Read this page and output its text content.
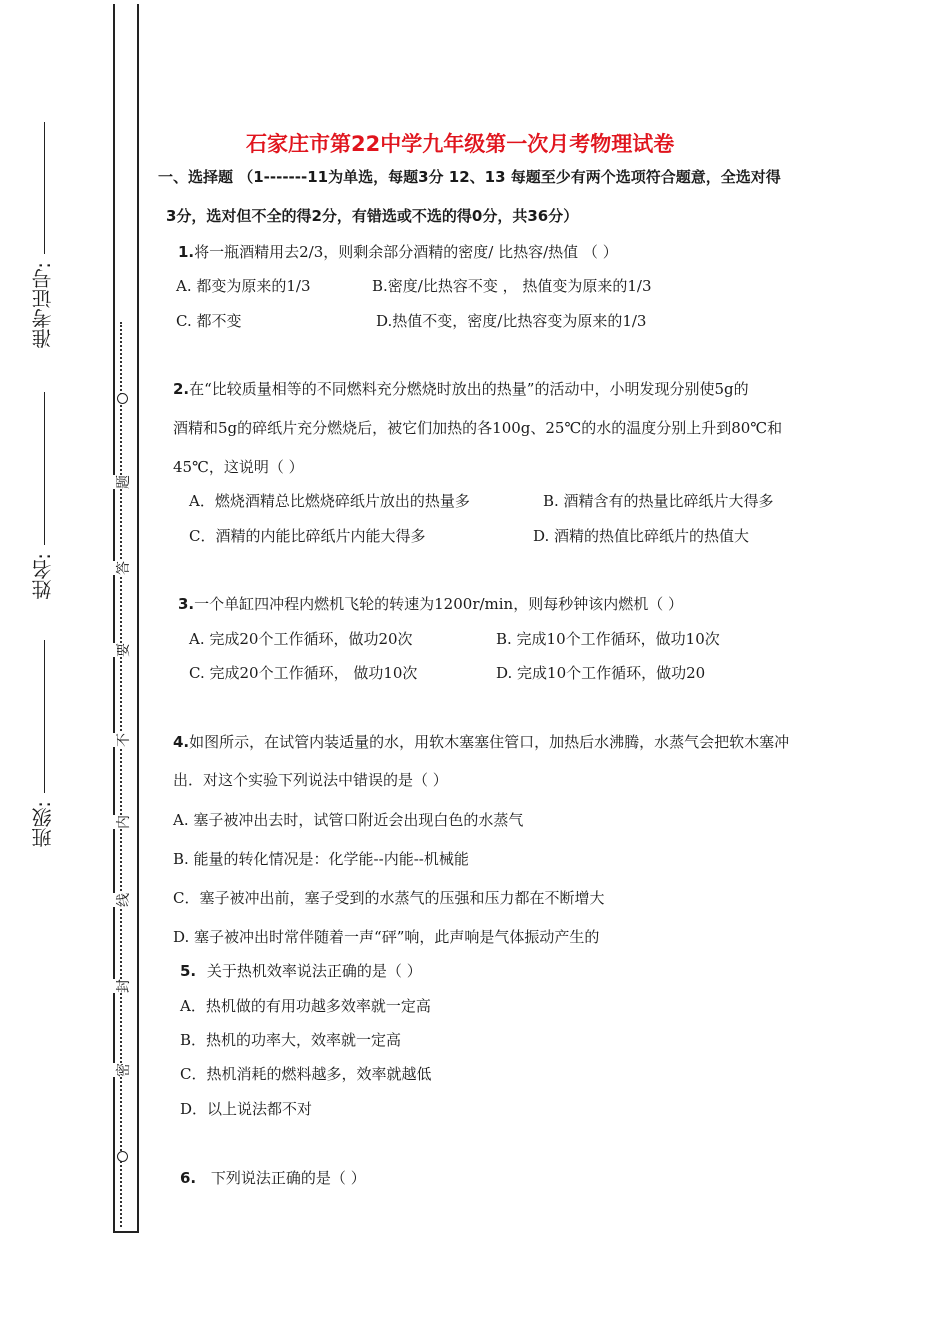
题
答
要
不
内
线
封
密
准考证号:
姓名:
班级:
石家庄市第22中学九年级第一次月考物理试卷
一、选择题 （1-------11为单选，每题3分 12、13 每题至少有两个选项符合题意，全选对得
3分，选对但不全的得2分，有错选或不选的得0分，共36分）
1.将一瓶酒精用去2/3，则剩余部分酒精的密度/ 比热容/热值 （ ）
A. 都变为原来的1/3	B.密度/比热容不变 ， 热值变为原来的1/3
C. 都不变	D.热值不变，密度/比热容变为原来的1/3
2.在“比较质量相等的不同燃料充分燃烧时放出的热量”的活动中，小明发现分别使5g的
酒精和5g的碎纸片充分燃烧后，被它们加热的各100g、25℃的水的温度分别上升到80℃和
45℃，这说明（ ）
A．燃烧酒精总比燃烧碎纸片放出的热量多	B. 酒精含有的热量比碎纸片大得多
C．酒精的内能比碎纸片内能大得多	D. 酒精的热值比碎纸片的热值大
3.一个单缸四冲程内燃机飞轮的转速为1200r/min，则每秒钟该内燃机（ ）
A. 完成20个工作循环，做功20次	B. 完成10个工作循环，做功10次
C. 完成20个工作循环， 做功10次	D. 完成10个工作循环，做功20
4.如图所示，在试管内装适量的水，用软木塞塞住管口，加热后水沸腾，水蒸气会把软木塞冲
出．对这个实验下列说法中错误的是（ ）
A. 塞子被冲出去时，试管口附近会出现白色的水蒸气
B. 能量的转化情况是：化学能--内能--机械能
C．塞子被冲出前，塞子受到的水蒸气的压强和压力都在不断增大
D. 塞子被冲出时常伴随着一声“砰”响，此声响是气体振动产生的
5. 关于热机效率说法正确的是（ ）
A．热机做的有用功越多效率就一定高
B．热机的功率大，效率就一定高
C．热机消耗的燃料越多，效率就越低
D．以上说法都不对
6. 下列说法正确的是（ ）
